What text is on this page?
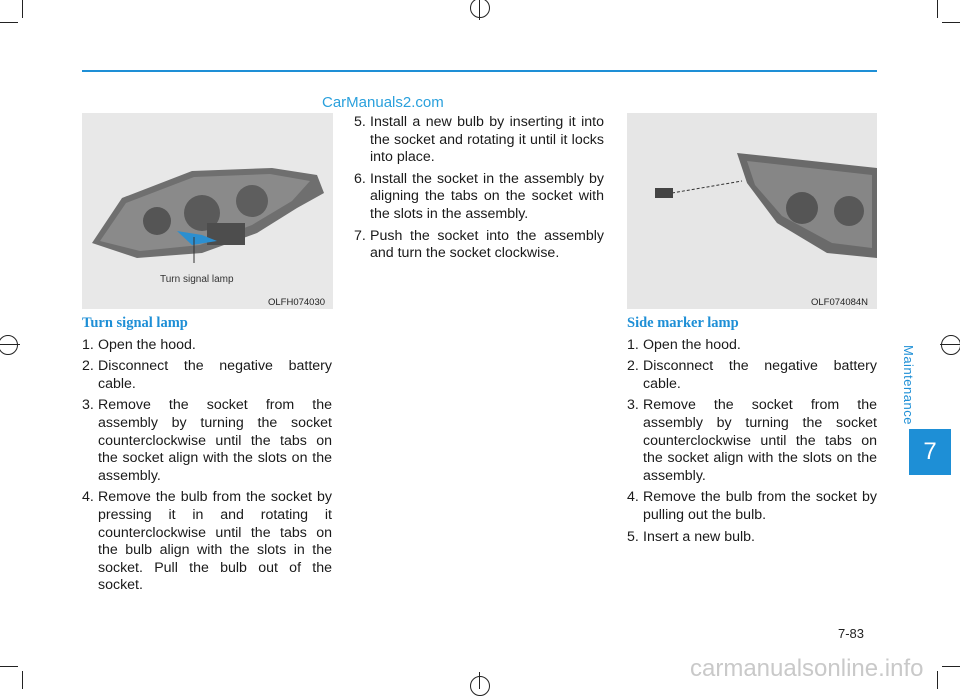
CarManuals2.com
Turn signal lamp
OLFH074030	OLF074084N
Turn signal lamp
1. Open the hood.
2. Disconnect the negative battery cable.
3. Remove the socket from the assembly by turning the socket counterclockwise until the tabs on the socket align with the slots on the assembly.
4. Remove the bulb from the socket by pressing it in and rotating it counterclockwise until the tabs on the bulb align with the slots in the socket. Pull the bulb out of the socket.
5. Install a new bulb by inserting it into the socket and rotating it until it locks into place.
6. Install the socket in the assembly by aligning the tabs on the socket with the slots in the assembly.
7. Push the socket into the assembly and turn the socket clockwise.
Side marker lamp
1. Open the hood.
2. Disconnect the negative battery cable.
3. Remove the socket from the assembly by turning the socket counterclockwise until the tabs on the socket align with the slots on the assembly.
4. Remove the bulb from the socket by pulling out the bulb.
5. Insert a new bulb.
Maintenance
7
7-83
carmanualsonline.info
